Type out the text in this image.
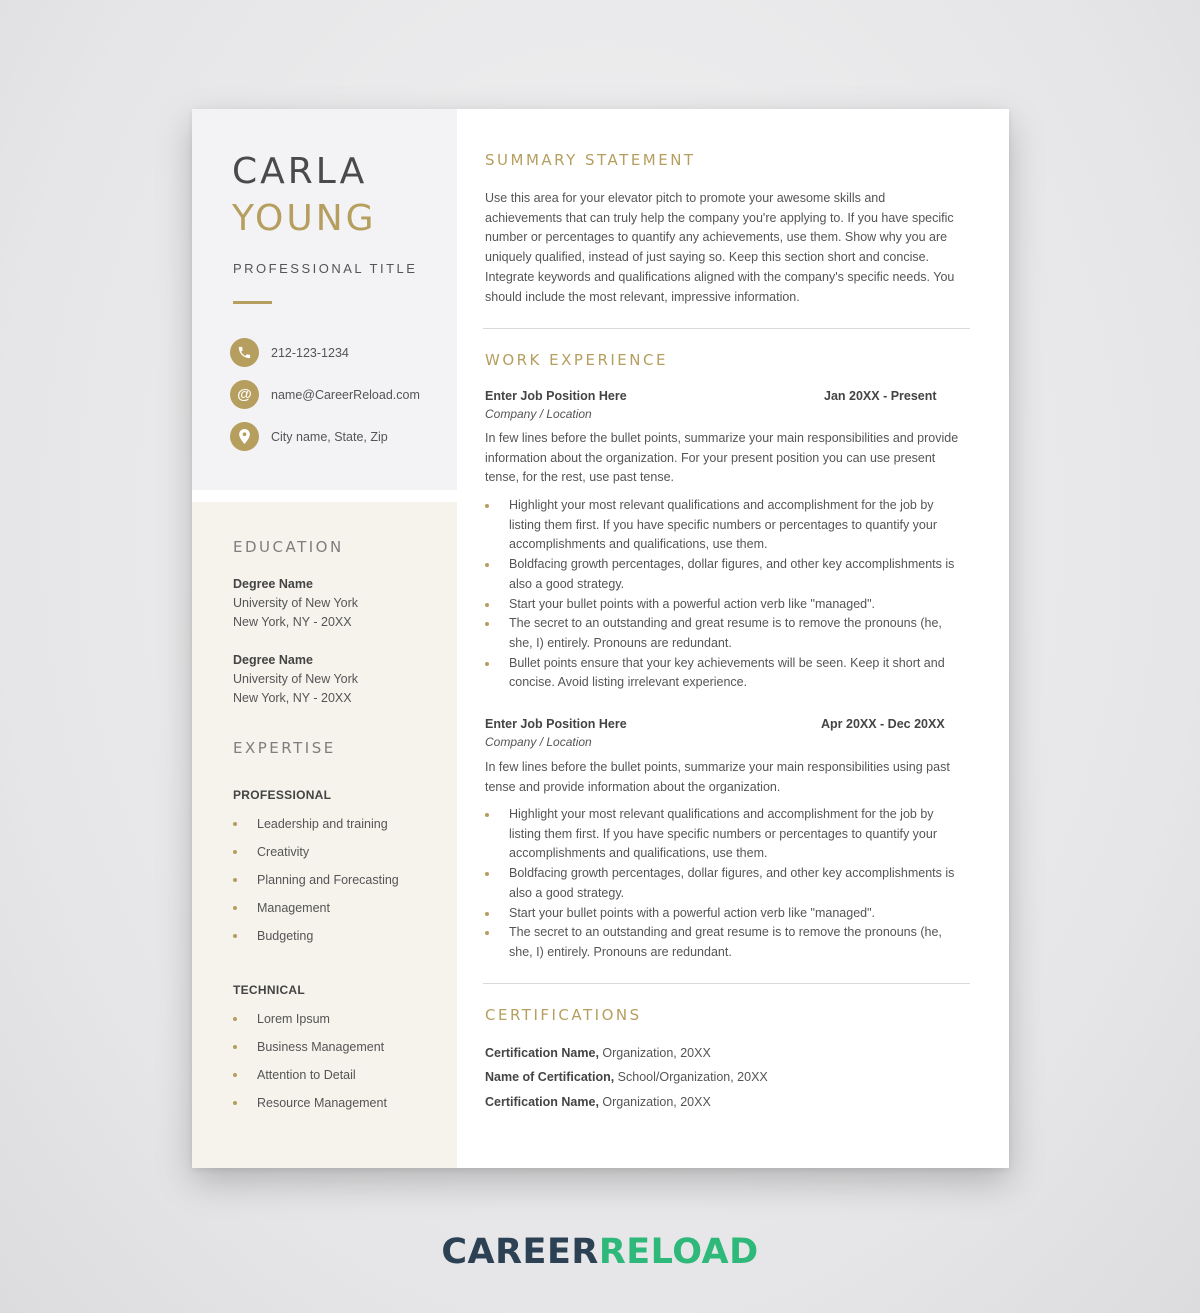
CARLA
YOUNG

PROFESSIONAL TITLE

212-123-1234
@	name@CareerReload.com
City name, State, Zip
EDUCATION
Degree Name
University of New York
New York, NY - 20XX
Degree Name
University of New York
New York, NY - 20XX
EXPERTISE
PROFESSIONAL
Leadership and training
Creativity
Planning and Forecasting
Management
Budgeting
TECHNICAL
Lorem Ipsum
Business Management
Attention to Detail
Resource Management
SUMMARY STATEMENT

Use this area for your elevator pitch to promote your awesome skills and achievements that can truly help the company you're applying to. If you have specific number or percentages to quantify any achievements, use them. Show why you are uniquely qualified, instead of just saying so. Keep this section short and concise. Integrate keywords and qualifications aligned with the company's specific needs. You should include the most relevant, impressive information.

WORK EXPERIENCE
Enter Job Position Here	Jan 20XX - Present
Company / Location

In few lines before the bullet points, summarize your main responsibilities and provide information about the organization. For your present position you can use present tense, for the rest, use past tense.

Highlight your most relevant qualifications and accomplishment for the job by listing them first. If you have specific numbers or percentages to quantify your accomplishments and qualifications, use them.
Boldfacing growth percentages, dollar figures, and other key accomplishments is also a good strategy.
Start your bullet points with a powerful action verb like "managed".
The secret to an outstanding and great resume is to remove the pronouns (he, she, I) entirely. Pronouns are redundant.
Bullet points ensure that your key achievements will be seen. Keep it short and concise. Avoid listing irrelevant experience.
Enter Job Position Here	Apr 20XX - Dec 20XX
Company / Location

In few lines before the bullet points, summarize your main responsibilities using past tense and provide information about the organization.

Highlight your most relevant qualifications and accomplishment for the job by listing them first. If you have specific numbers or percentages to quantify your accomplishments and qualifications, use them.
Boldfacing growth percentages, dollar figures, and other key accomplishments is also a good strategy.
Start your bullet points with a powerful action verb like "managed".
The secret to an outstanding and great resume is to remove the pronouns (he, she, I) entirely. Pronouns are redundant.
CERTIFICATIONS
Certification Name, Organization, 20XX
Name of Certification, School/Organization, 20XX
Certification Name, Organization, 20XX
CAREERRELOAD
